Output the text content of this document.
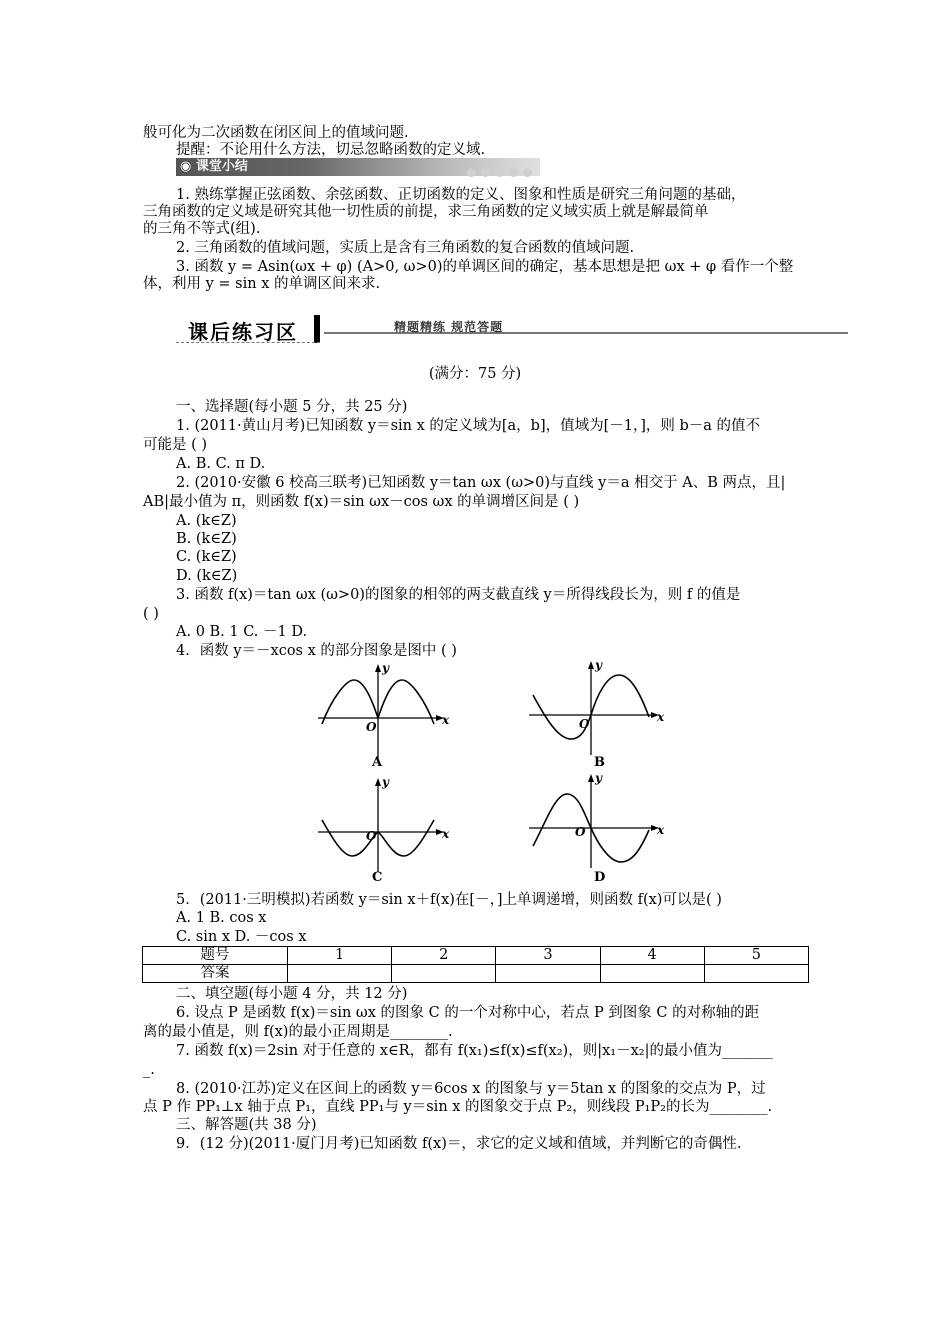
般可化为二次函数在闭区间上的值域问题.
提醒：不论用什么方法，切忌忽略函数的定义域.
◉ 课堂小结
1. 熟练掌握正弦函数、余弦函数、正切函数的定义、图象和性质是研究三角问题的基础，
三角函数的定义域是研究其他一切性质的前提，求三角函数的定义域实质上就是解最简单
的三角不等式(组).
2. 三角函数的值域问题，实质上是含有三角函数的复合函数的值域问题.
3. 函数 y = Asin(ωx + φ) (A>0, ω>0)的单调区间的确定，基本思想是把 ωx + φ 看作一个整
体，利用 y = sin x 的单调区间来求.
课后练习区	精题精练 规范答题
(满分：75 分)
一、选择题(每小题 5 分，共 25 分)
1. (2011·黄山月考)已知函数 y＝sin x 的定义域为[a，b]，值域为[－1，]，则 b－a 的值不
可能是 ( )
A. B. C. π D.
2. (2010·安徽 6 校高三联考)已知函数 y＝tan ωx (ω>0)与直线 y＝a 相交于 A、B 两点，且|
AB|最小值为 π，则函数 f(x)＝sin ωx－cos ωx 的单调增区间是 ( )
A. (k∈Z)
B. (k∈Z)
C. (k∈Z)
D. (k∈Z)
3. 函数 f(x)＝tan ωx (ω>0)的图象的相邻的两支截直线 y＝所得线段长为，则 f 的值是
( )
A. 0 B. 1 C. －1 D.
4．函数 y＝－xcos x 的部分图象是图中 ( )
y
x
O
A
y
x
O
B
y
x
O
C
y
x
O
D
5．(2011·三明模拟)若函数 y＝sin x＋f(x)在[－，]上单调递增，则函数 f(x)可以是( )
A. 1 B. cos x
C. sin x D. －cos x
题号	1	2	3	4	5
答案					
二、填空题(每小题 4 分，共 12 分)
6. 设点 P 是函数 f(x)＝sin ωx 的图象 C 的一个对称中心，若点 P 到图象 C 的对称轴的距
离的最小值是，则 f(x)的最小正周期是________.
7. 函数 f(x)＝2sin 对于任意的 x∈R，都有 f(x₁)≤f(x)≤f(x₂)，则|x₁－x₂|的最小值为_______
_.
8. (2010·江苏)定义在区间上的函数 y＝6cos x 的图象与 y＝5tan x 的图象的交点为 P，过
点 P 作 PP₁⊥x 轴于点 P₁，直线 PP₁与 y＝sin x 的图象交于点 P₂，则线段 P₁P₂的长为________.
三、解答题(共 38 分)
9．(12 分)(2011·厦门月考)已知函数 f(x)＝，求它的定义域和值域，并判断它的奇偶性.
